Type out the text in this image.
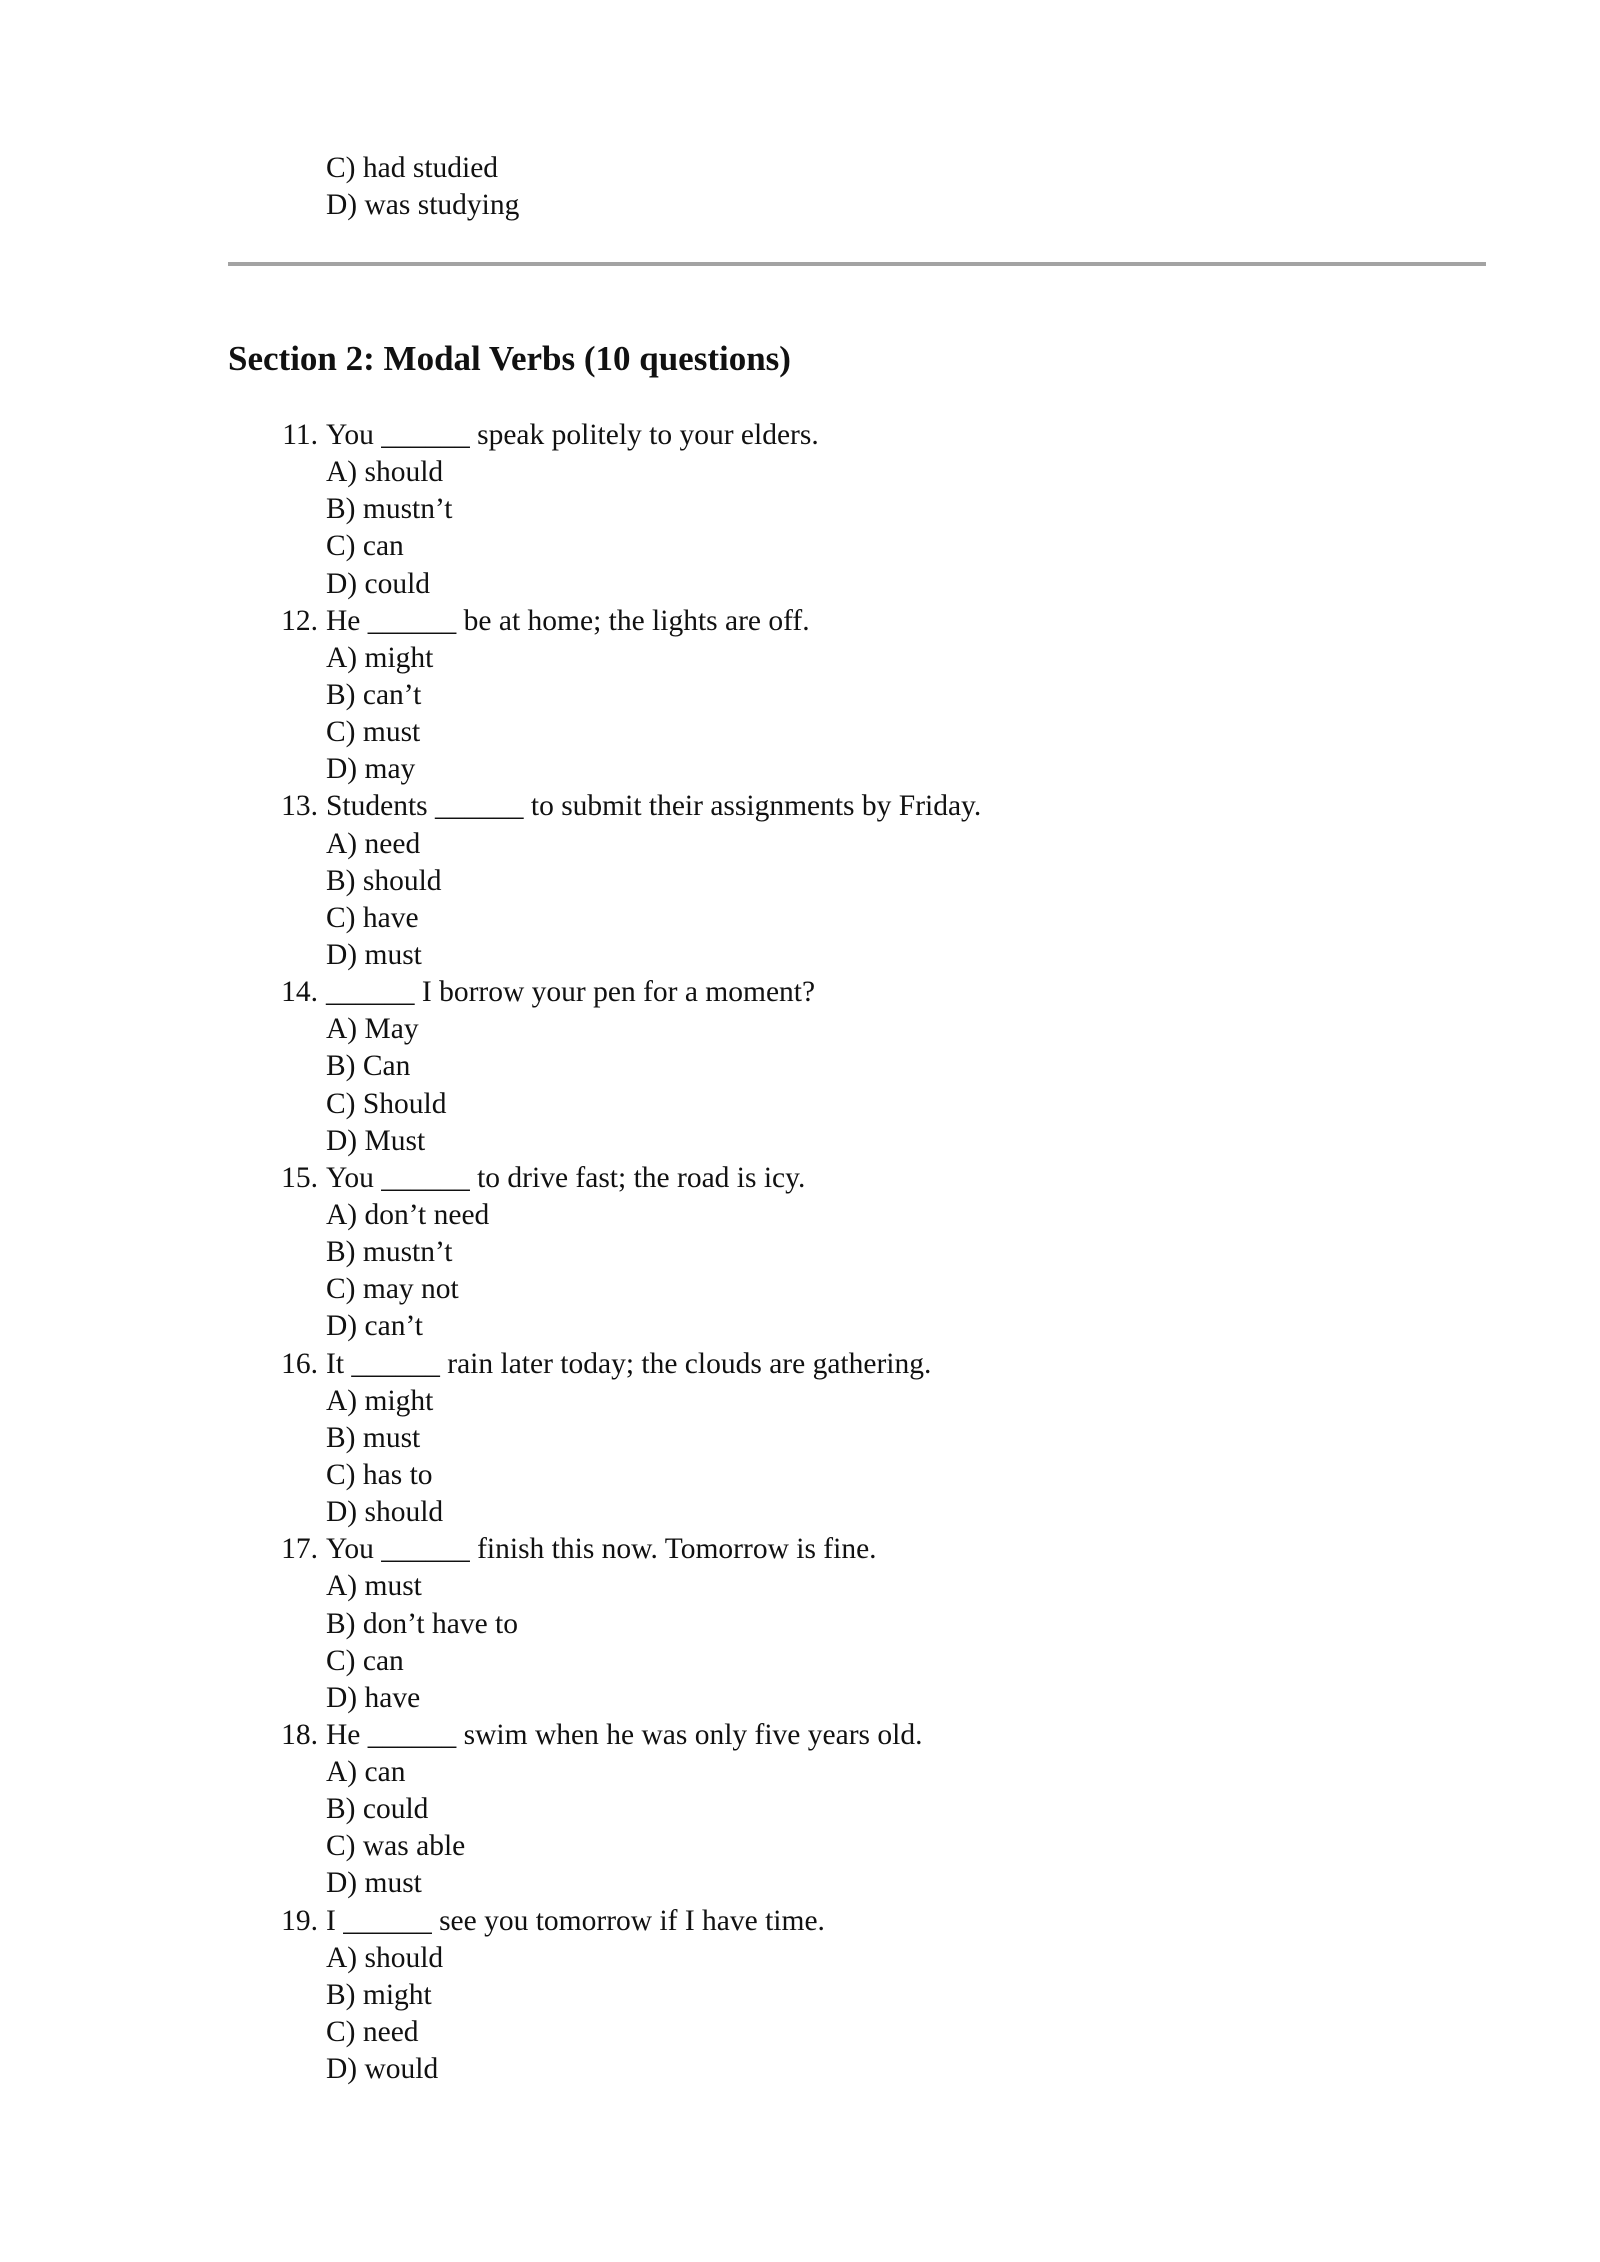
C) had studied

D) was studying

Section 2: Modal Verbs (10 questions)
11. You ______ speak politely to your elders.
A) should
B) mustn’t
C) can
D) could
12. He ______ be at home; the lights are off.
A) might
B) can’t
C) must
D) may
13. Students ______ to submit their assignments by Friday.
A) need
B) should
C) have
D) must
14. ______ I borrow your pen for a moment?
A) May
B) Can
C) Should
D) Must
15. You ______ to drive fast; the road is icy.
A) don’t need
B) mustn’t
C) may not
D) can’t
16. It ______ rain later today; the clouds are gathering.
A) might
B) must
C) has to
D) should
17. You ______ finish this now. Tomorrow is fine.
A) must
B) don’t have to
C) can
D) have
18. He ______ swim when he was only five years old.
A) can
B) could
C) was able
D) must
19. I ______ see you tomorrow if I have time.
A) should
B) might
C) need
D) would
